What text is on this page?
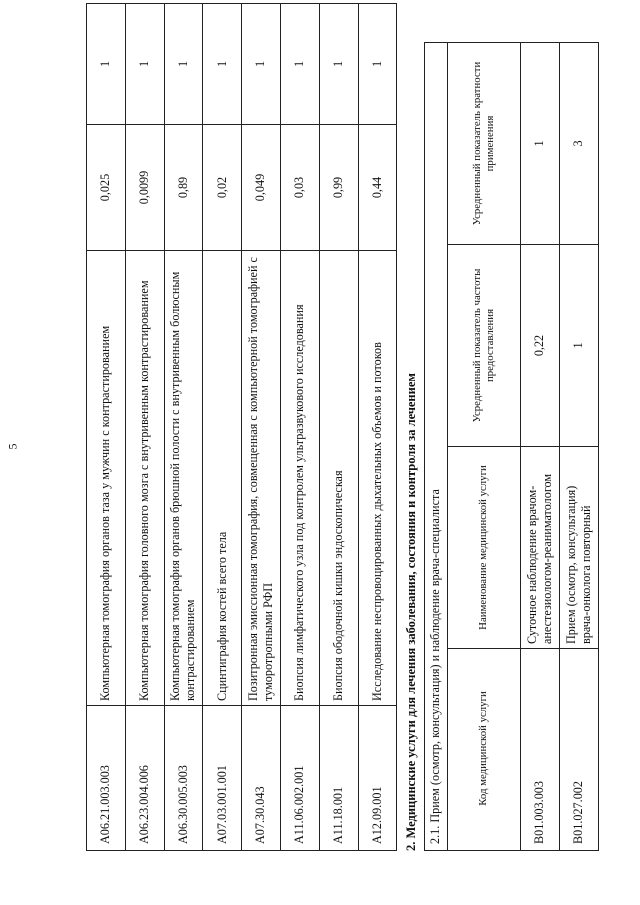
5
A06.21.003.003	Компьютерная томография органов таза у мужчин с контрастированием	0,025	1
A06.23.004.006	Компьютерная томография головного мозга с внутривенным контрастированием	0,0099	1
A06.30.005.003	Компьютерная томография органов брюшной полости с внутривенным болюсным контрастированием	0,89	1
A07.03.001.001	Сцинтиграфия костей всего тела	0,02	1
A07.30.043	Позитронная эмиссионная томография, совмещенная с компьютерной томографией с туморотропными РФП	0,049	1
A11.06.002.001	Биопсия лимфатического узла под контролем ультразвукового исследования	0,03	1
A11.18.001	Биопсия ободочной кишки эндоскопическая	0,99	1
A12.09.001	Исследование неспровоцированных дыхательных объемов и потоков	0,44	1
2. Медицинские услуги для лечения заболевания, состояния и контроля за лечением 2.1. Прием (осмотр, консультация) и наблюдение врача-специалиста			
Код медицинской услуги	Наименование медицинской услуги	Усредненный показатель частоты предоставления	Усредненный показатель кратности применения
B01.003.003	Суточное наблюдение врачом-анестезиологом-реаниматологом	0,22	1
B01.027.002	Прием (осмотр, консультация) врача-онколога повторный	1	3
